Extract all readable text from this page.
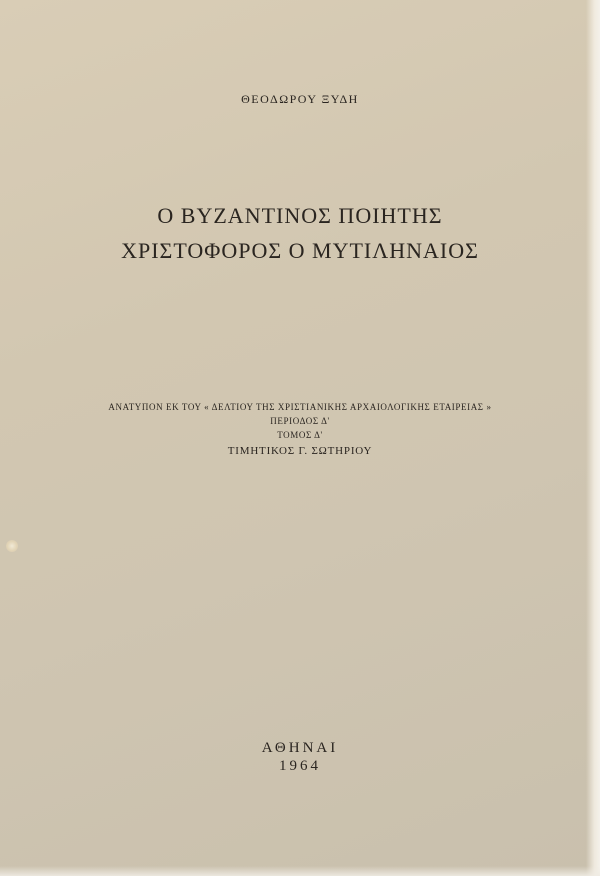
ΘΕΟΔΩΡΟΥ ΞΥΔΗ
Ο ΒΥΖΑΝΤΙΝΟΣ ΠΟΙΗΤΗΣ
ΧΡΙΣΤΟΦΟΡΟΣ Ο ΜΥΤΙΛΗΝΑΙΟΣ
ΑΝΑΤΥΠΟΝ ΕΚ ΤΟΥ « ΔΕΛΤΙΟΥ ΤΗΣ ΧΡΙΣΤΙΑΝΙΚΗΣ ΑΡΧΑΙΟΛΟΓΙΚΗΣ ΕΤΑΙΡΕΙΑΣ »
ΠΕΡΙΟΔΟΣ Δ'
ΤΟΜΟΣ Δ'
ΤΙΜΗΤΙΚΟΣ Γ. ΣΩΤΗΡΙΟΥ
ΑΘΗΝΑΙ
1964
